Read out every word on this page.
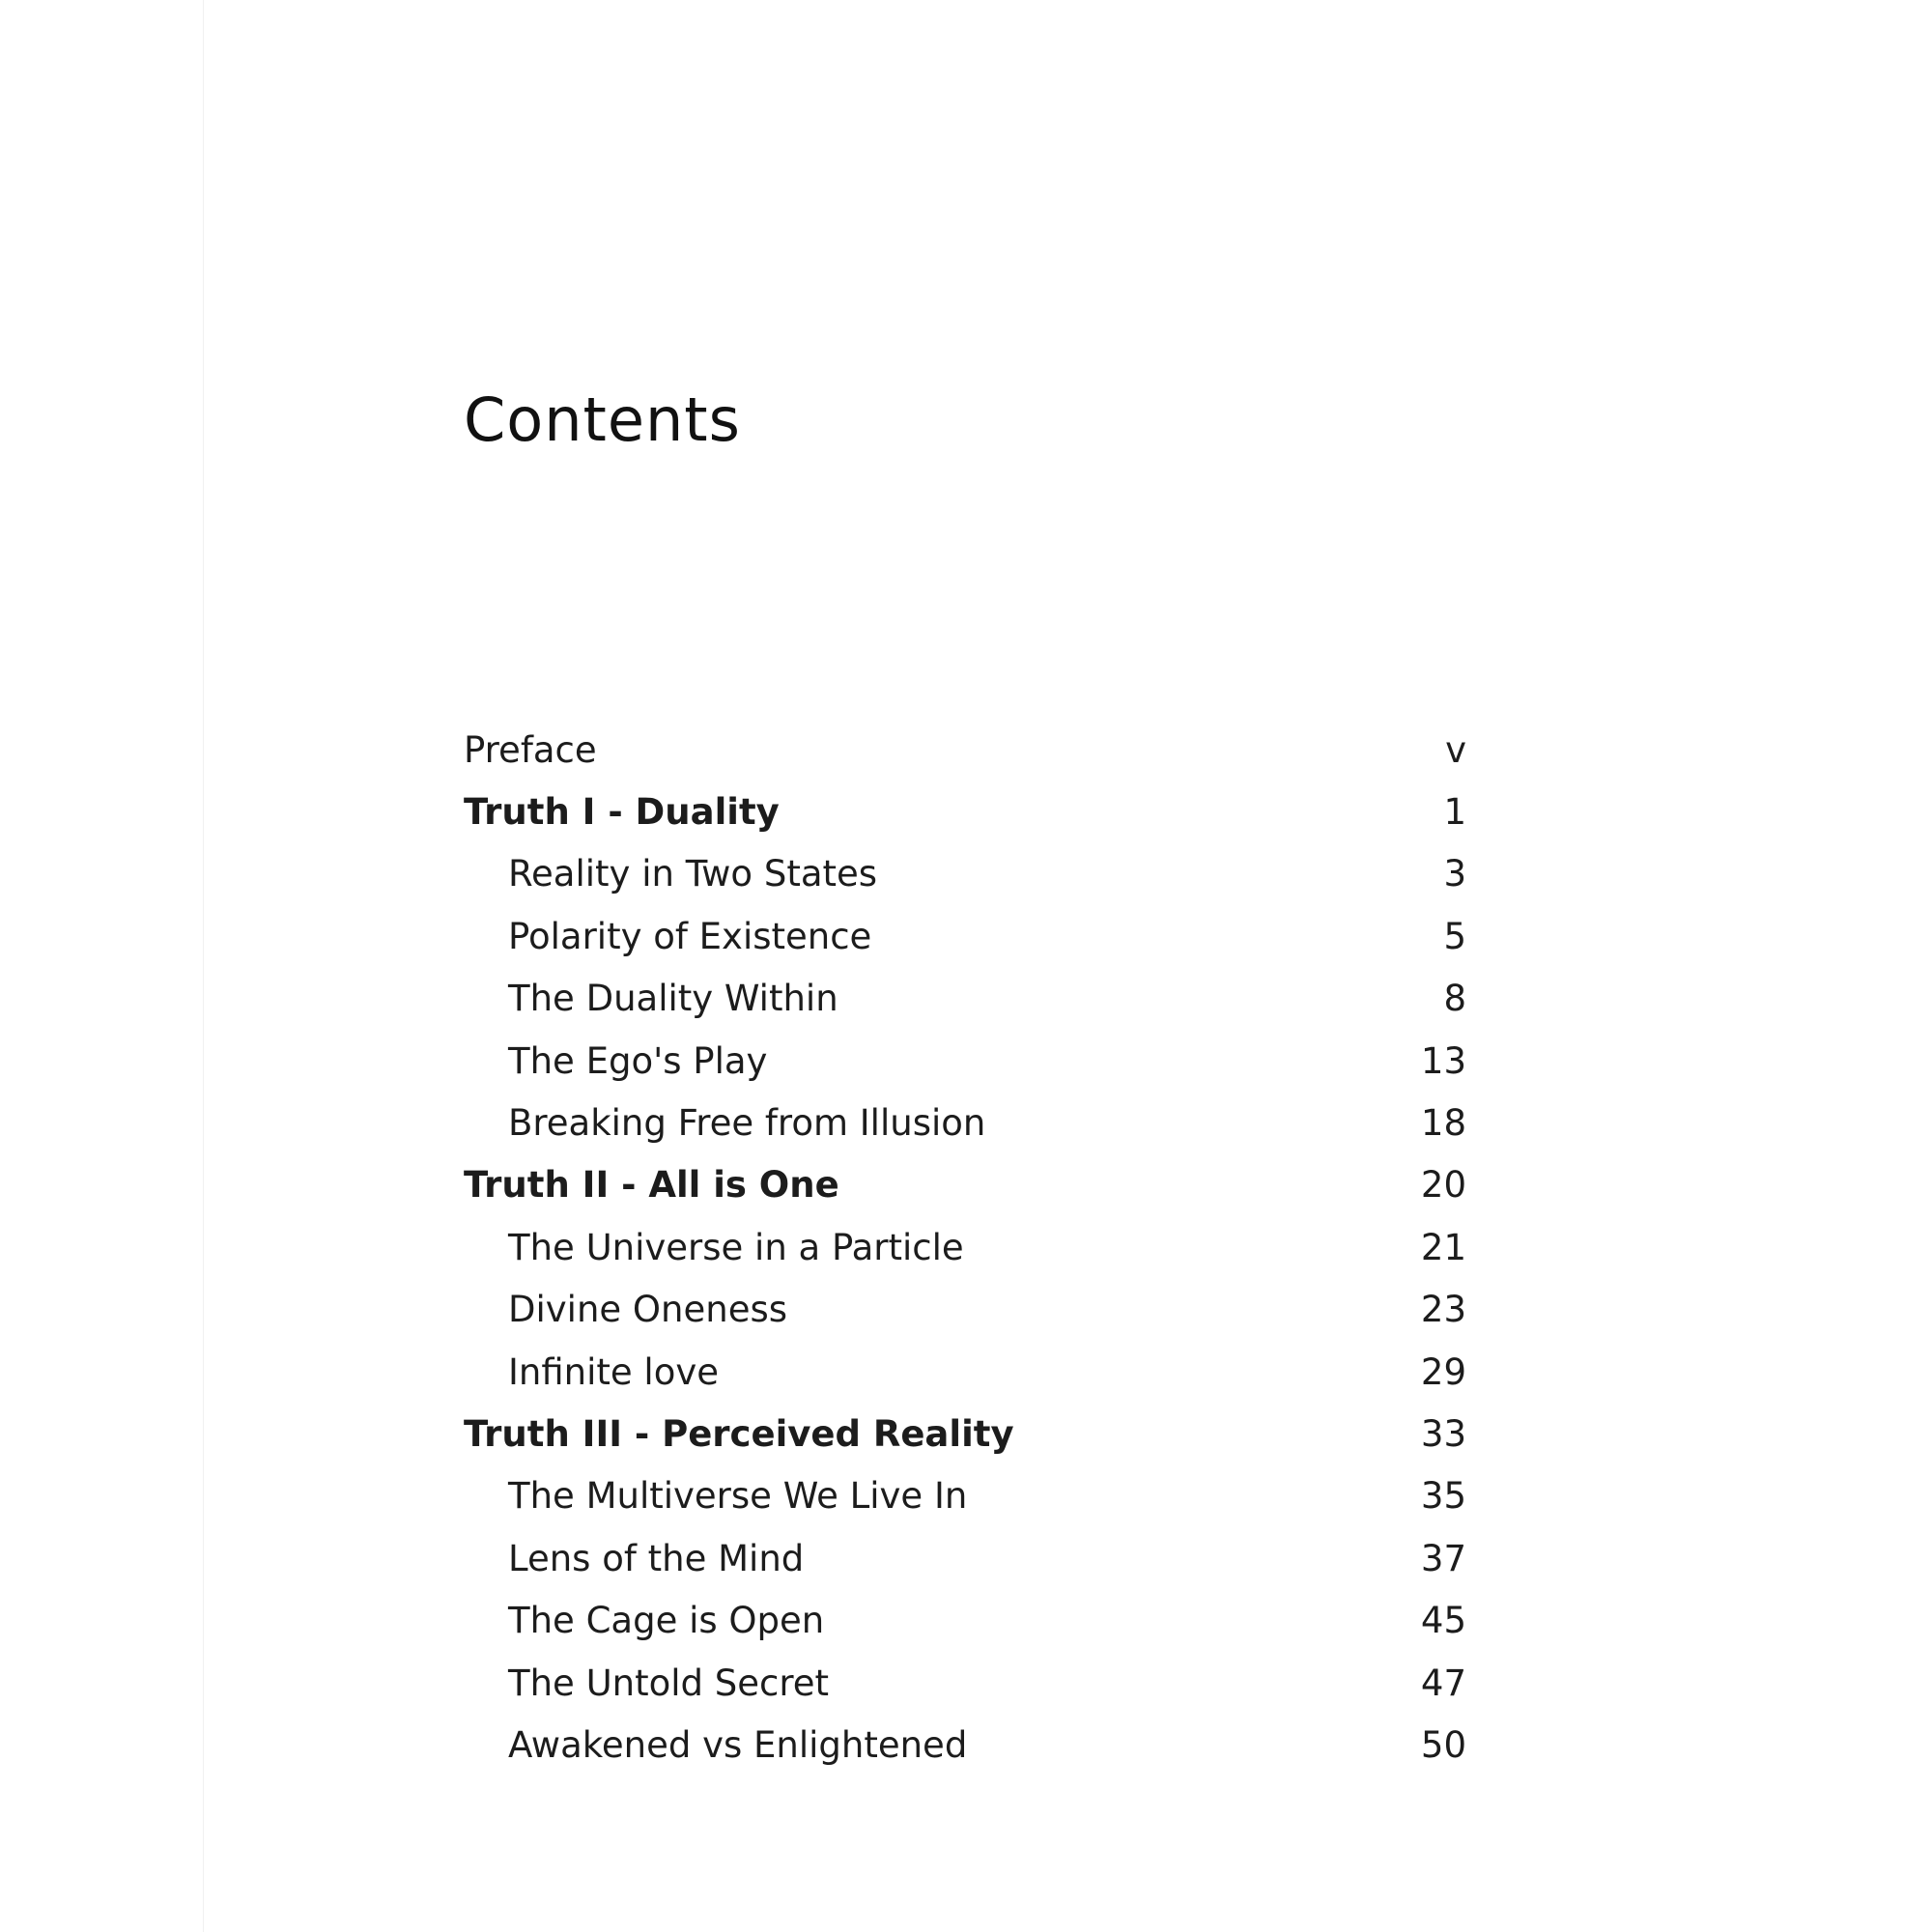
Contents
Preface	v
Truth I - Duality	1
Reality in Two States	3
Polarity of Existence	5
The Duality Within	8
The Ego's Play	13
Breaking Free from Illusion	18
Truth II - All is One	20
The Universe in a Particle	21
Divine Oneness	23
Infinite love	29
Truth III - Perceived Reality	33
The Multiverse We Live In	35
Lens of the Mind	37
The Cage is Open	45
The Untold Secret	47
Awakened vs Enlightened	50
